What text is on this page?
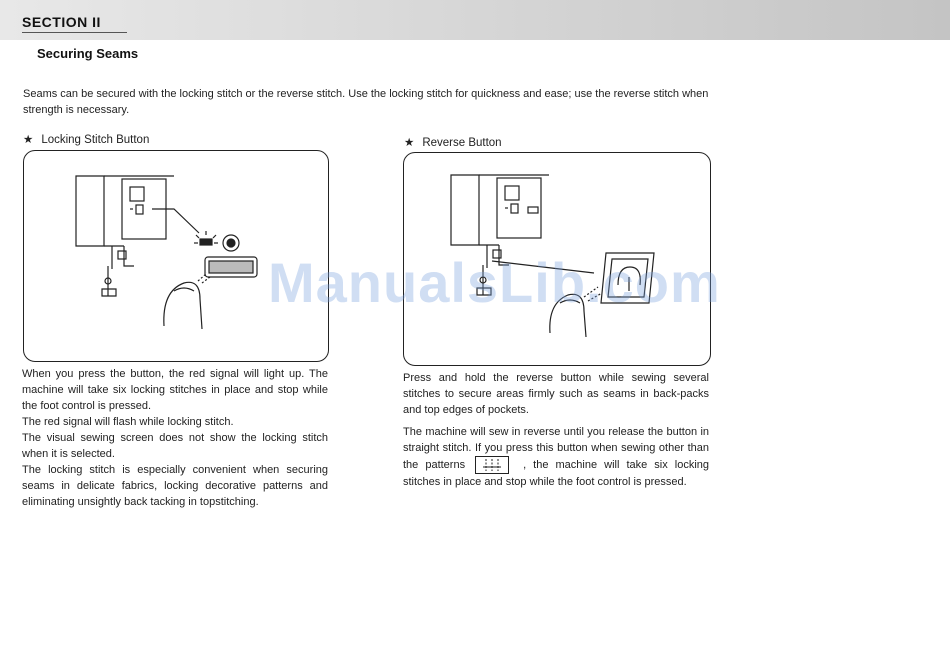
SECTION II
Securing Seams
Seams can be secured with the locking stitch or the reverse stitch. Use the locking stitch for quickness and ease; use the reverse stitch when strength is necessary.
★ Locking Stitch Button	★ Reverse Button

When you press the button, the red signal will light up. The machine will take six locking stitches in place and stop while the foot control is pressed.

The red signal will flash while locking stitch.

The visual sewing screen does not show the locking stitch when it is selected.

The locking stitch is especially convenient when securing seams in delicate fabrics, locking decorative patterns and eliminating unsightly back tacking in topstitching.

Press and hold the reverse button while sewing several stitches to secure areas firmly such as seams in back-packs and top edges of pockets.

The machine will sew in reverse until you release the button in straight stitch. If you press this button when sewing other than the patterns	, the machine will take six locking stitches in place and stop while the foot control is pressed.

ManualsLib.com
